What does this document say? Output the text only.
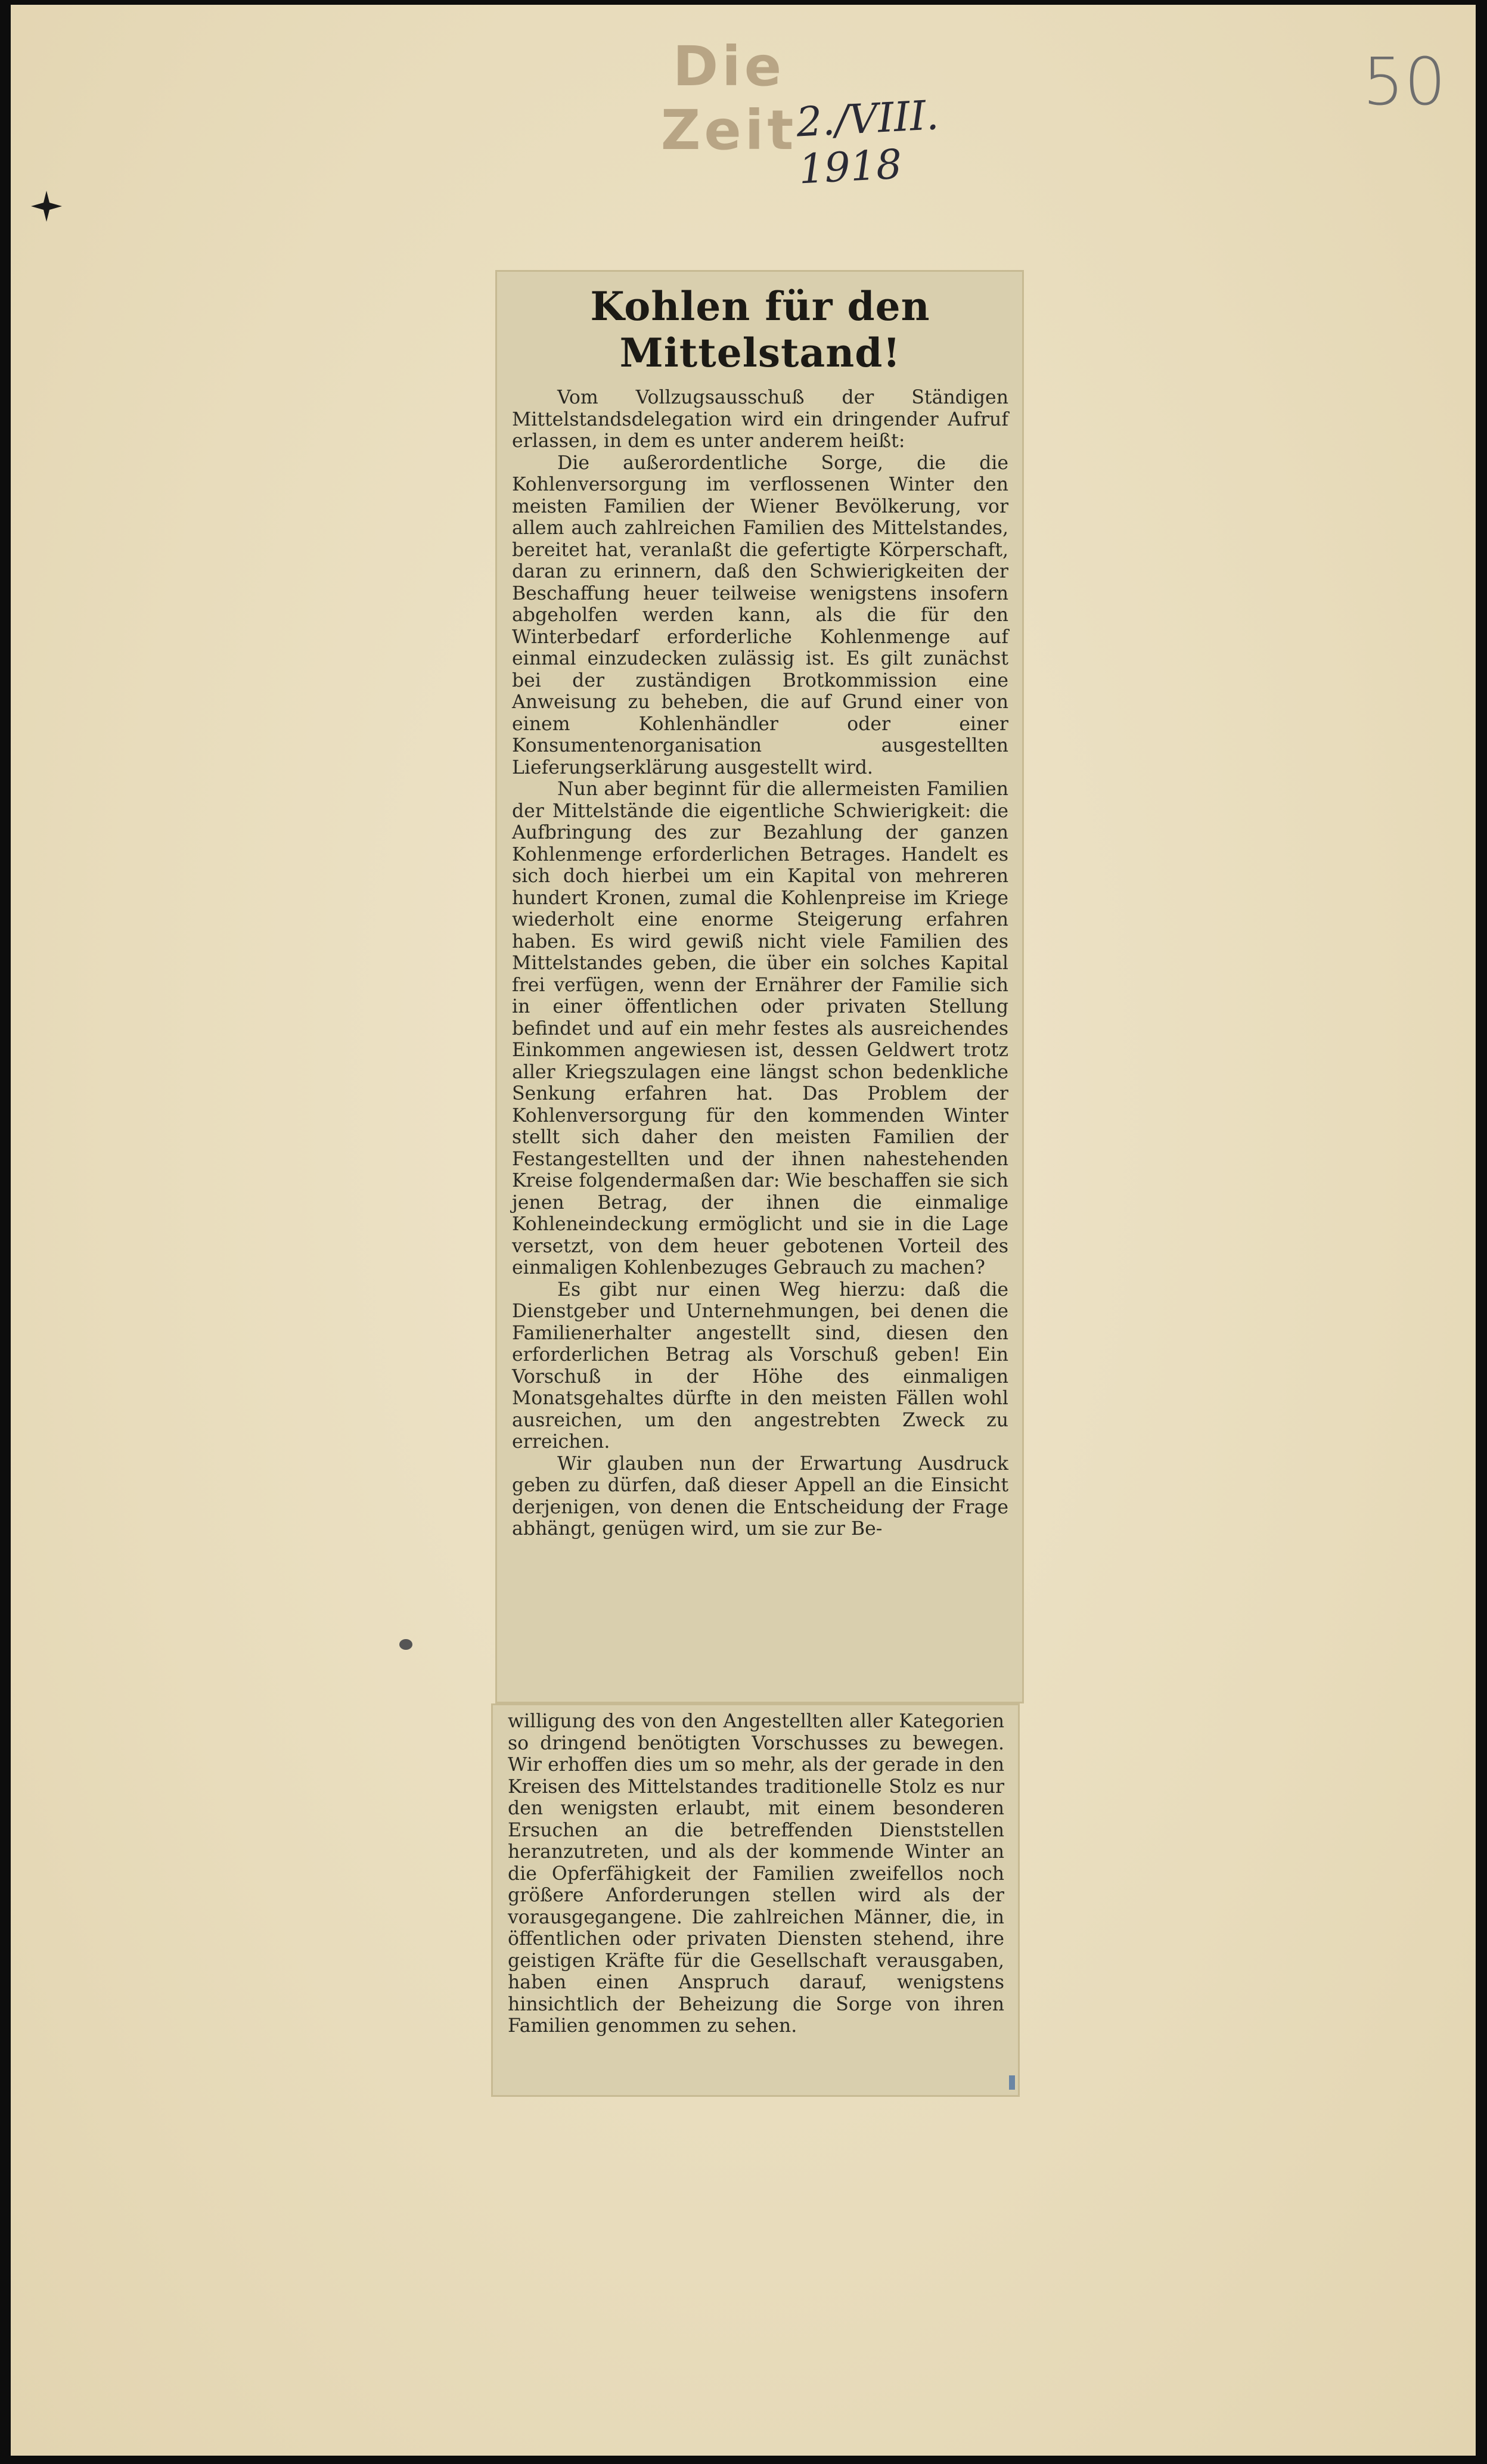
Die Zeit
2./VIII. 1918
50
Kohlen für den Mittelstand!

Vom Vollzugsausschuß der Ständigen Mittelstandsdelegation wird ein dringender Aufruf erlassen, in dem es unter anderem heißt:

Die außerordentliche Sorge, die die Kohlenversorgung im verflossenen Winter den meisten Familien der Wiener Bevölkerung, vor allem auch zahlreichen Familien des Mittelstandes, bereitet hat, veranlaßt die gefertigte Körperschaft, daran zu erinnern, daß den Schwierigkeiten der Beschaffung heuer teilweise wenigstens insofern abgeholfen werden kann, als die für den Winterbedarf erforderliche Kohlenmenge auf einmal einzudecken zulässig ist. Es gilt zunächst bei der zuständigen Brotkommission eine Anweisung zu beheben, die auf Grund einer von einem Kohlenhändler oder einer Konsumentenorganisation ausgestellten Lieferungserklärung ausgestellt wird.

Nun aber beginnt für die allermeisten Familien der Mittelstände die eigentliche Schwierigkeit: die Aufbringung des zur Bezahlung der ganzen Kohlenmenge erforderlichen Betrages. Handelt es sich doch hierbei um ein Kapital von mehreren hundert Kronen, zumal die Kohlenpreise im Kriege wiederholt eine enorme Steigerung erfahren haben. Es wird gewiß nicht viele Familien des Mittelstandes geben, die über ein solches Kapital frei verfügen, wenn der Ernährer der Familie sich in einer öffentlichen oder privaten Stellung befindet und auf ein mehr festes als ausreichendes Einkommen angewiesen ist, dessen Geldwert trotz aller Kriegszulagen eine längst schon bedenkliche Senkung erfahren hat. Das Problem der Kohlenversorgung für den kommenden Winter stellt sich daher den meisten Familien der Festangestellten und der ihnen nahestehenden Kreise folgendermaßen dar: Wie beschaffen sie sich jenen Betrag, der ihnen die einmalige Kohleneindeckung ermöglicht und sie in die Lage versetzt, von dem heuer gebotenen Vorteil des einmaligen Kohlenbezuges Gebrauch zu machen?

Es gibt nur einen Weg hierzu: daß die Dienstgeber und Unternehmungen, bei denen die Familienerhalter angestellt sind, diesen den erforderlichen Betrag als Vorschuß geben! Ein Vorschuß in der Höhe des einmaligen Monatsgehaltes dürfte in den meisten Fällen wohl ausreichen, um den angestrebten Zweck zu erreichen.

Wir glauben nun der Erwartung Ausdruck geben zu dürfen, daß dieser Appell an die Einsicht derjenigen, von denen die Entscheidung der Frage abhängt, genügen wird, um sie zur Be-

willigung des von den Angestellten aller Kategorien so dringend benötigten Vorschusses zu bewegen. Wir erhoffen dies um so mehr, als der gerade in den Kreisen des Mittelstandes traditionelle Stolz es nur den wenigsten erlaubt, mit einem besonderen Ersuchen an die betreffenden Dienststellen heranzutreten, und als der kommende Winter an die Opferfähigkeit der Familien zweifellos noch größere Anforderungen stellen wird als der vorausgegangene. Die zahlreichen Männer, die, in öffentlichen oder privaten Diensten stehend, ihre geistigen Kräfte für die Gesellschaft verausgaben, haben einen Anspruch darauf, wenigstens hinsichtlich der Beheizung die Sorge von ihren Familien genommen zu sehen.
